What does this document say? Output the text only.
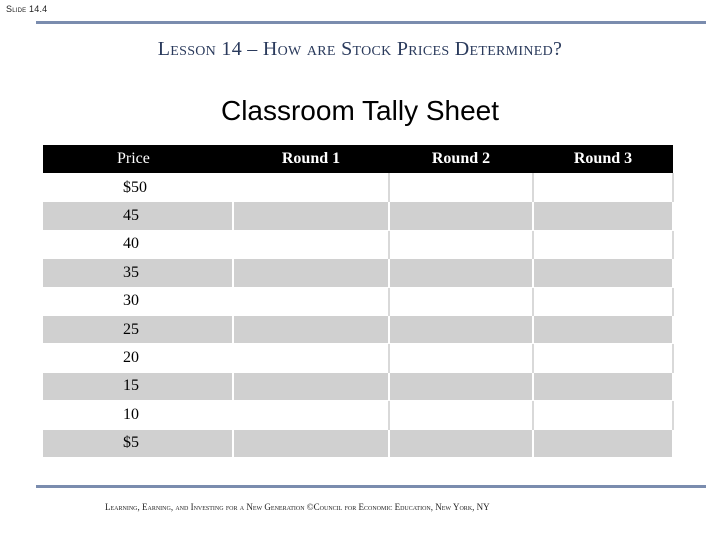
Slide 14.4
Lesson 14 – How are Stock Prices Determined?
Classroom Tally Sheet
Price	Round 1	Round 2	Round 3
$50			
45			
40			
35			
30			
25			
20			
15			
10			
$5			
Learning, Earning, and Investing for a New Generation ©Council for Economic Education, New York, NY
